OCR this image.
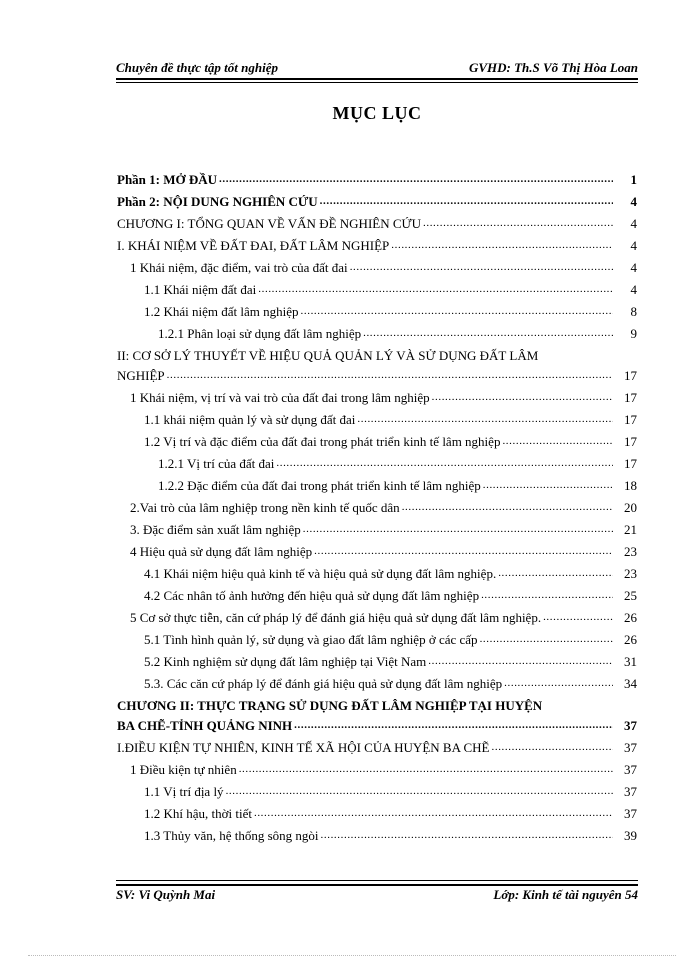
Chuyên đề thực tập tốt nghiệp	GVHD: Th.S Võ Thị Hòa Loan
MỤC LỤC
Phần 1: MỞ ĐẦU .....	1
Phần 2: NỘI DUNG NGHIÊN CỨU .....	4
CHƯƠNG I: TỔNG QUAN VỀ VẤN ĐỀ NGHIÊN CỨU .....	4
I. KHÁI NIỆM VỀ ĐẤT ĐAI, ĐẤT LÂM NGHIỆP .....	4
1 Khái niệm, đặc điểm, vai trò của đất đai .....	4
1.1 Khái niệm đất đai .....	4
1.2 Khái niệm đất lâm nghiệp .....	8
1.2.1 Phân loại sử dụng đất lâm nghiệp .....	9
II: CƠ SỞ LÝ THUYẾT VỀ HIỆU QUẢ QUẢN LÝ VÀ SỬ DỤNG ĐẤT LÂM
NGHIỆP .....	17
1 Khái niệm, vị trí và vai trò của đất đai trong lâm nghiệp .....	17
1.1 khái niệm quản lý và sử dụng đất đai .....	17
1.2 Vị trí và đặc điểm của đất đai trong phát triển kinh tế lâm nghiệp .....	17
1.2.1 Vị trí của đất đai .....	17
1.2.2 Đặc điểm của đất đai trong phát triển kinh tế lâm nghiệp .....	18
2.Vai trò của lâm nghiệp trong nền kinh tế quốc dân .....	20
3. Đặc điểm sản xuất lâm nghiệp .....	21
4 Hiệu quả sử dụng đất lâm nghiệp .....	23
4.1 Khái niệm hiệu quả kinh tế và hiệu quả sử dụng đất lâm nghiệp. .....	23
4.2 Các nhân tố ảnh hưởng đến hiệu quả sử dụng đất lâm nghiệp .....	25
5 Cơ sở thực tiễn, căn cứ pháp lý để đánh giá hiệu quả sử dụng đất lâm nghiệp. .....	26
5.1 Tình hình quản lý, sử dụng và giao đất lâm nghiệp ở các cấp .....	26
5.2 Kinh nghiệm sử dụng đất lâm nghiệp tại Việt Nam .....	31
5.3. Các căn cứ pháp lý để đánh giá hiệu quả sử dụng đất lâm nghiệp .....	34
CHƯƠNG II: THỰC TRẠNG SỬ DỤNG ĐẤT LÂM NGHIỆP TẠI HUYỆN
BA CHẼ-TỈNH QUẢNG NINH .....	37
I.ĐIỀU KIỆN TỰ NHIÊN, KINH TẾ XÃ HỘI CỦA HUYỆN BA CHẼ .....	37
1 Điều kiện tự nhiên .....	37
1.1 Vị trí địa lý .....	37
1.2 Khí hậu, thời tiết .....	37
1.3 Thủy văn, hệ thống sông ngòi .....	39
SV: Vi Quỳnh Mai	Lớp: Kinh tế tài nguyên 54
